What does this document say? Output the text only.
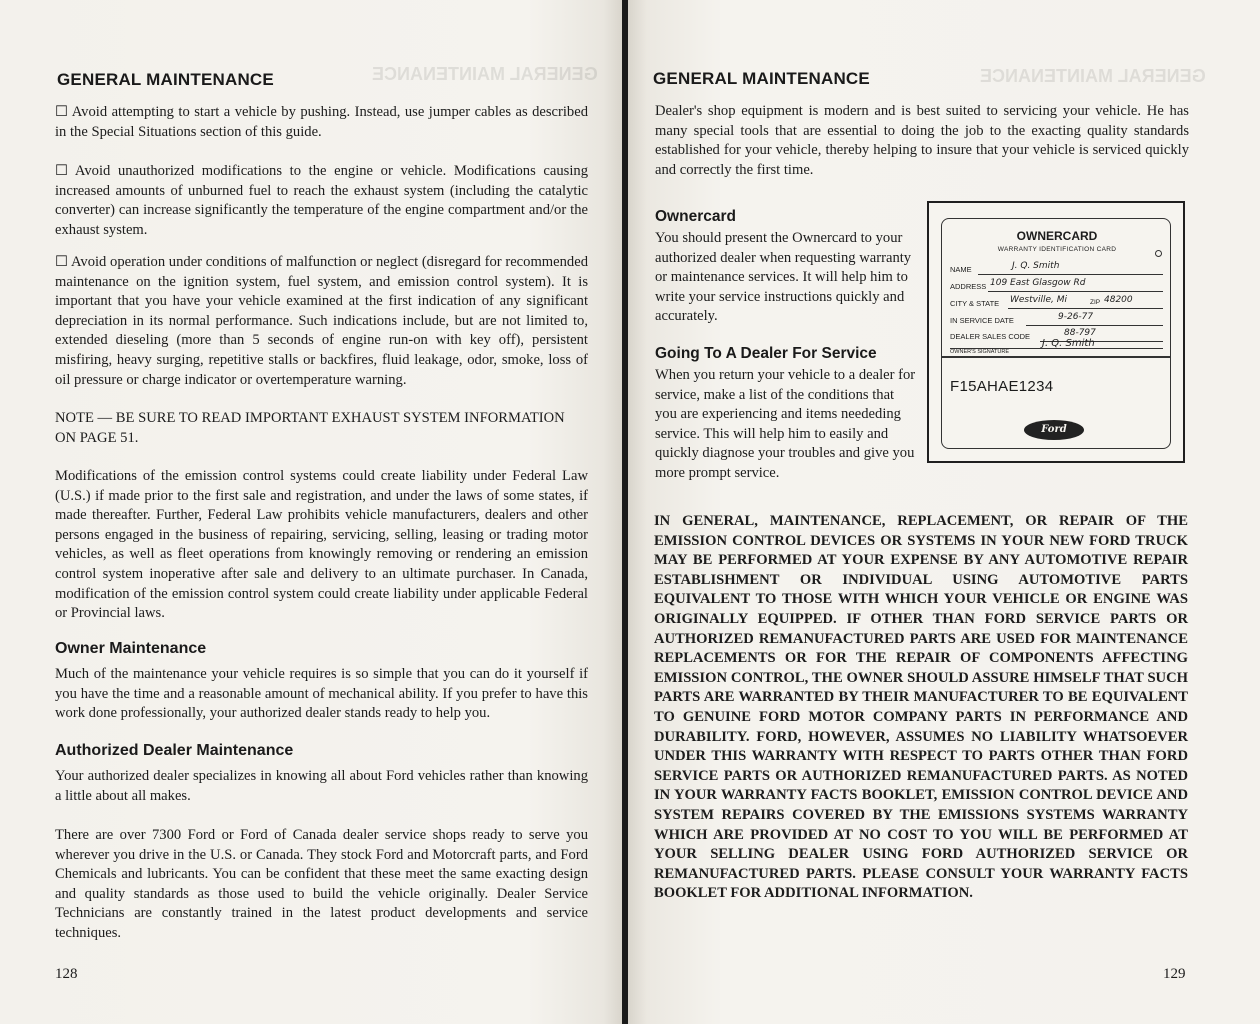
GENERAL MAINTENANCE
GENERAL MAINTENANCE
☐ Avoid attempting to start a vehicle by pushing. Instead, use jumper cables as described in the Special Situations section of this guide.
☐ Avoid unauthorized modifications to the engine or vehicle. Modifications causing increased amounts of unburned fuel to reach the exhaust system (including the catalytic converter) can increase significantly the temperature of the engine compartment and/or the exhaust system.
☐ Avoid operation under conditions of malfunction or neglect (disregard for recommended maintenance on the ignition system, fuel system, and emission control system). It is important that you have your vehicle examined at the first indication of any significant depreciation in its normal performance. Such indications include, but are not limited to, extended dieseling (more than 5 seconds of engine run-on with key off), persistent misfiring, heavy surging, repetitive stalls or backfires, fluid leakage, odor, smoke, loss of oil pressure or charge indicator or overtemperature warning.
NOTE — BE SURE TO READ IMPORTANT EXHAUST SYSTEM INFORMATION ON PAGE 51.
Modifications of the emission control systems could create liability under Federal Law (U.S.) if made prior to the first sale and registration, and under the laws of some states, if made thereafter. Further, Federal Law prohibits vehicle manufacturers, dealers and other persons engaged in the business of repairing, servicing, selling, leasing or trading motor vehicles, as well as fleet operations from knowingly removing or rendering an emission control system inoperative after sale and delivery to an ultimate purchaser. In Canada, modification of the emission control system could create liability under applicable Federal or Provincial laws.
Owner Maintenance
Much of the maintenance your vehicle requires is so simple that you can do it yourself if you have the time and a reasonable amount of mechanical ability. If you prefer to have this work done professionally, your authorized dealer stands ready to help you.
Authorized Dealer Maintenance
Your authorized dealer specializes in knowing all about Ford vehicles rather than knowing a little about all makes.
There are over 7300 Ford or Ford of Canada dealer service shops ready to serve you wherever you drive in the U.S. or Canada. They stock Ford and Motorcraft parts, and Ford Chemicals and lubricants. You can be confident that these meet the same exacting design and quality standards as those used to build the vehicle originally. Dealer Service Technicians are constantly trained in the latest product developments and service techniques.
128
GENERAL MAINTENANCE
GENERAL MAINTENANCE
Dealer's shop equipment is modern and is best suited to servicing your vehicle. He has many special tools that are essential to doing the job to the exacting quality standards established for your vehicle, thereby helping to insure that your vehicle is serviced quickly and correctly the first time.
Ownercard
You should present the Ownercard to your authorized dealer when requesting warranty or maintenance services. It will help him to write your service instructions quickly and accurately.
Going To A Dealer For Service
When you return your vehicle to a dealer for service, make a list of the conditions that you are experiencing and items neededing service. This will help him to easily and quickly diagnose your troubles and give you more prompt service.
IN GENERAL, MAINTENANCE, REPLACEMENT, OR REPAIR OF THE EMISSION CONTROL DEVICES OR SYSTEMS IN YOUR NEW FORD TRUCK MAY BE PERFORMED AT YOUR EXPENSE BY ANY AUTOMOTIVE REPAIR ESTABLISHMENT OR INDIVIDUAL USING AUTOMOTIVE PARTS EQUIVALENT TO THOSE WITH WHICH YOUR VEHICLE OR ENGINE WAS ORIGINALLY EQUIPPED. IF OTHER THAN FORD SERVICE PARTS OR AUTHORIZED REMANUFACTURED PARTS ARE USED FOR MAINTENANCE REPLACEMENTS OR FOR THE REPAIR OF COMPONENTS AFFECTING EMISSION CONTROL, THE OWNER SHOULD ASSURE HIMSELF THAT SUCH PARTS ARE WARRANTED BY THEIR MANUFACTURER TO BE EQUIVALENT TO GENUINE FORD MOTOR COMPANY PARTS IN PERFORMANCE AND DURABILITY. FORD, HOWEVER, ASSUMES NO LIABILITY WHATSOEVER UNDER THIS WARRANTY WITH RESPECT TO PARTS OTHER THAN FORD SERVICE PARTS OR AUTHORIZED REMANUFACTURED PARTS. AS NOTED IN YOUR WARRANTY FACTS BOOKLET, EMISSION CONTROL DEVICE AND SYSTEM REPAIRS COVERED BY THE EMISSIONS SYSTEMS WARRANTY WHICH ARE PROVIDED AT NO COST TO YOU WILL BE PERFORMED AT YOUR SELLING DEALER USING FORD AUTHORIZED SERVICE OR REMANUFACTURED PARTS. PLEASE CONSULT YOUR WARRANTY FACTS BOOKLET FOR ADDITIONAL INFORMATION.
129
OWNERCARD
WARRANTY IDENTIFICATION CARD
NAME	J. Q. Smith
ADDRESS 109 East Glasgow Rd
CITY & STATE Westville, Mi	ZIP 48200
IN SERVICE DATE	9-26-77
DEALER SALES CODE	88-797
J. Q. Smith
OWNER'S SIGNATURE
F15AHAE1234
Ford
